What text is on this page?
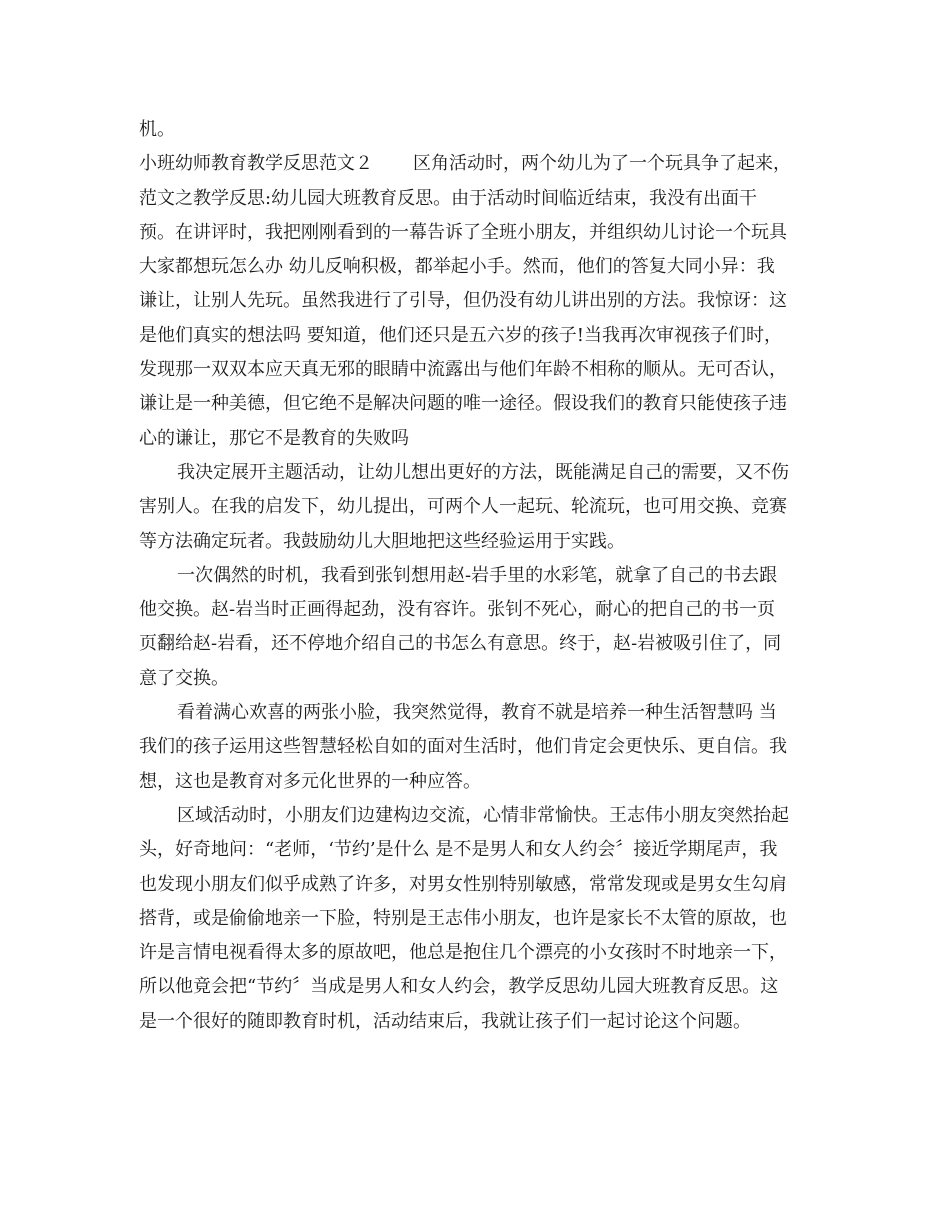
机。
小班幼师教育教学反思范文２ 区角活动时，两个幼儿为了一个玩具争了起来，
范文之教学反思:幼儿园大班教育反思。由于活动时间临近结束，我没有出面干
预。在讲评时，我把刚刚看到的一幕告诉了全班小朋友，并组织幼儿讨论一个玩具
大家都想玩怎么办 幼儿反响积极，都举起小手。然而，他们的答复大同小异：我
谦让，让别人先玩。虽然我进行了引导，但仍没有幼儿讲出别的方法。我惊讶：这
是他们真实的想法吗 要知道，他们还只是五六岁的孩子!当我再次审视孩子们时，
发现那一双双本应天真无邪的眼睛中流露出与他们年龄不相称的顺从。无可否认，
谦让是一种美德，但它绝不是解决问题的唯一途径。假设我们的教育只能使孩子违
心的谦让，那它不是教育的失败吗
我决定展开主题活动，让幼儿想出更好的方法，既能满足自己的需要，又不伤
害别人。在我的启发下，幼儿提出，可两个人一起玩、轮流玩，也可用交换、竞赛
等方法确定玩者。我鼓励幼儿大胆地把这些经验运用于实践。
一次偶然的时机，我看到张钊想用赵-岩手里的水彩笔，就拿了自己的书去跟
他交换。赵-岩当时正画得起劲，没有容许。张钊不死心，耐心的把自己的书一页
页翻给赵-岩看，还不停地介绍自己的书怎么有意思。终于，赵-岩被吸引住了，同
意了交换。
看着满心欢喜的两张小脸，我突然觉得，教育不就是培养一种生活智慧吗 当
我们的孩子运用这些智慧轻松自如的面对生活时，他们肯定会更快乐、更自信。我
想，这也是教育对多元化世界的一种应答。
区域活动时，小朋友们边建构边交流，心情非常愉快。王志伟小朋友突然抬起
头，好奇地问：“老师，‘节约’是什么 是不是男人和女人约会〞接近学期尾声，我
也发现小朋友们似乎成熟了许多，对男女性别特别敏感，常常发现或是男女生勾肩
搭背，或是偷偷地亲一下脸，特别是王志伟小朋友，也许是家长不太管的原故，也
许是言情电视看得太多的原故吧，他总是抱住几个漂亮的小女孩时不时地亲一下，
所以他竟会把“节约〞当成是男人和女人约会，教学反思幼儿园大班教育反思。这
是一个很好的随即教育时机，活动结束后，我就让孩子们一起讨论这个问题。
